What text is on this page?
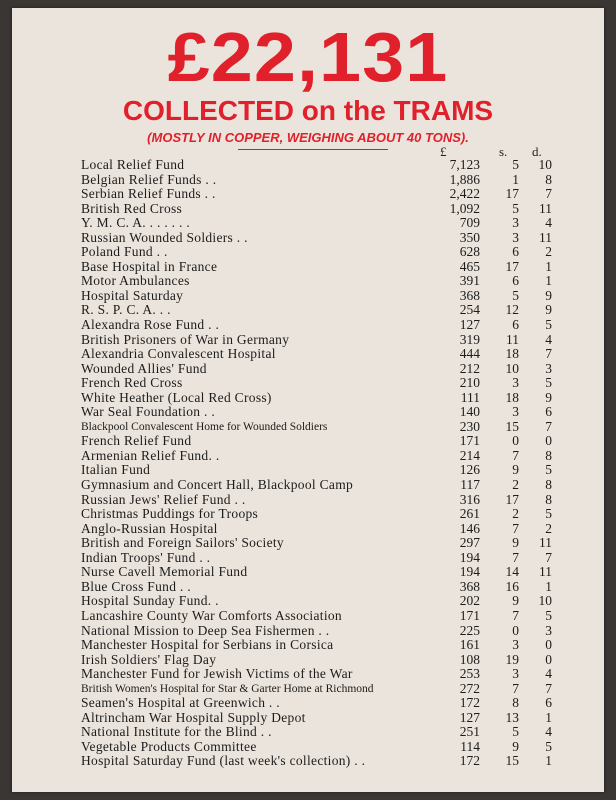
£22,131
COLLECTED on the TRAMS
(MOSTLY IN COPPER, WEIGHING ABOUT 40 TONS).
£	s. d.
Local Relief Fund	7,123	5	10
Belgian Relief Funds . .	1,886	1	8
Serbian Relief Funds . .	2,422	17	7
British Red Cross	1,092	5	11
Y. M. C. A. . . . . . .	709	3	4
Russian Wounded Soldiers . .	350	3	11
Poland Fund . .	628	6	2
Base Hospital in France	465	17	1
Motor Ambulances	391	6	1
Hospital Saturday	368	5	9
R. S. P. C. A. . .	254	12	9
Alexandra Rose Fund . .	127	6	5
British Prisoners of War in Germany	319	11	4
Alexandria Convalescent Hospital	444	18	7
Wounded Allies' Fund	212	10	3
French Red Cross	210	3	5
White Heather (Local Red Cross)	111	18	9
War Seal Foundation . .	140	3	6
Blackpool Convalescent Home for Wounded Soldiers	230	15	7
French Relief Fund	171	0	0
Armenian Relief Fund. .	214	7	8
Italian Fund	126	9	5
Gymnasium and Concert Hall, Blackpool Camp	117	2	8
Russian Jews' Relief Fund . .	316	17	8
Christmas Puddings for Troops	261	2	5
Anglo-Russian Hospital	146	7	2
British and Foreign Sailors' Society	297	9	11
Indian Troops' Fund . .	194	7	7
Nurse Cavell Memorial Fund	194	14	11
Blue Cross Fund . .	368	16	1
Hospital Sunday Fund. .	202	9	10
Lancashire County War Comforts Association	171	7	5
National Mission to Deep Sea Fishermen . .	225	0	3
Manchester Hospital for Serbians in Corsica	161	3	0
Irish Soldiers' Flag Day	108	19	0
Manchester Fund for Jewish Victims of the War	253	3	4
British Women's Hospital for Star & Garter Home at Richmond	272	7	7
Seamen's Hospital at Greenwich . .	172	8	6
Altrincham War Hospital Supply Depot	127	13	1
National Institute for the Blind . .	251	5	4
Vegetable Products Committee	114	9	5
Hospital Saturday Fund (last week's collection) . .	172	15	1
